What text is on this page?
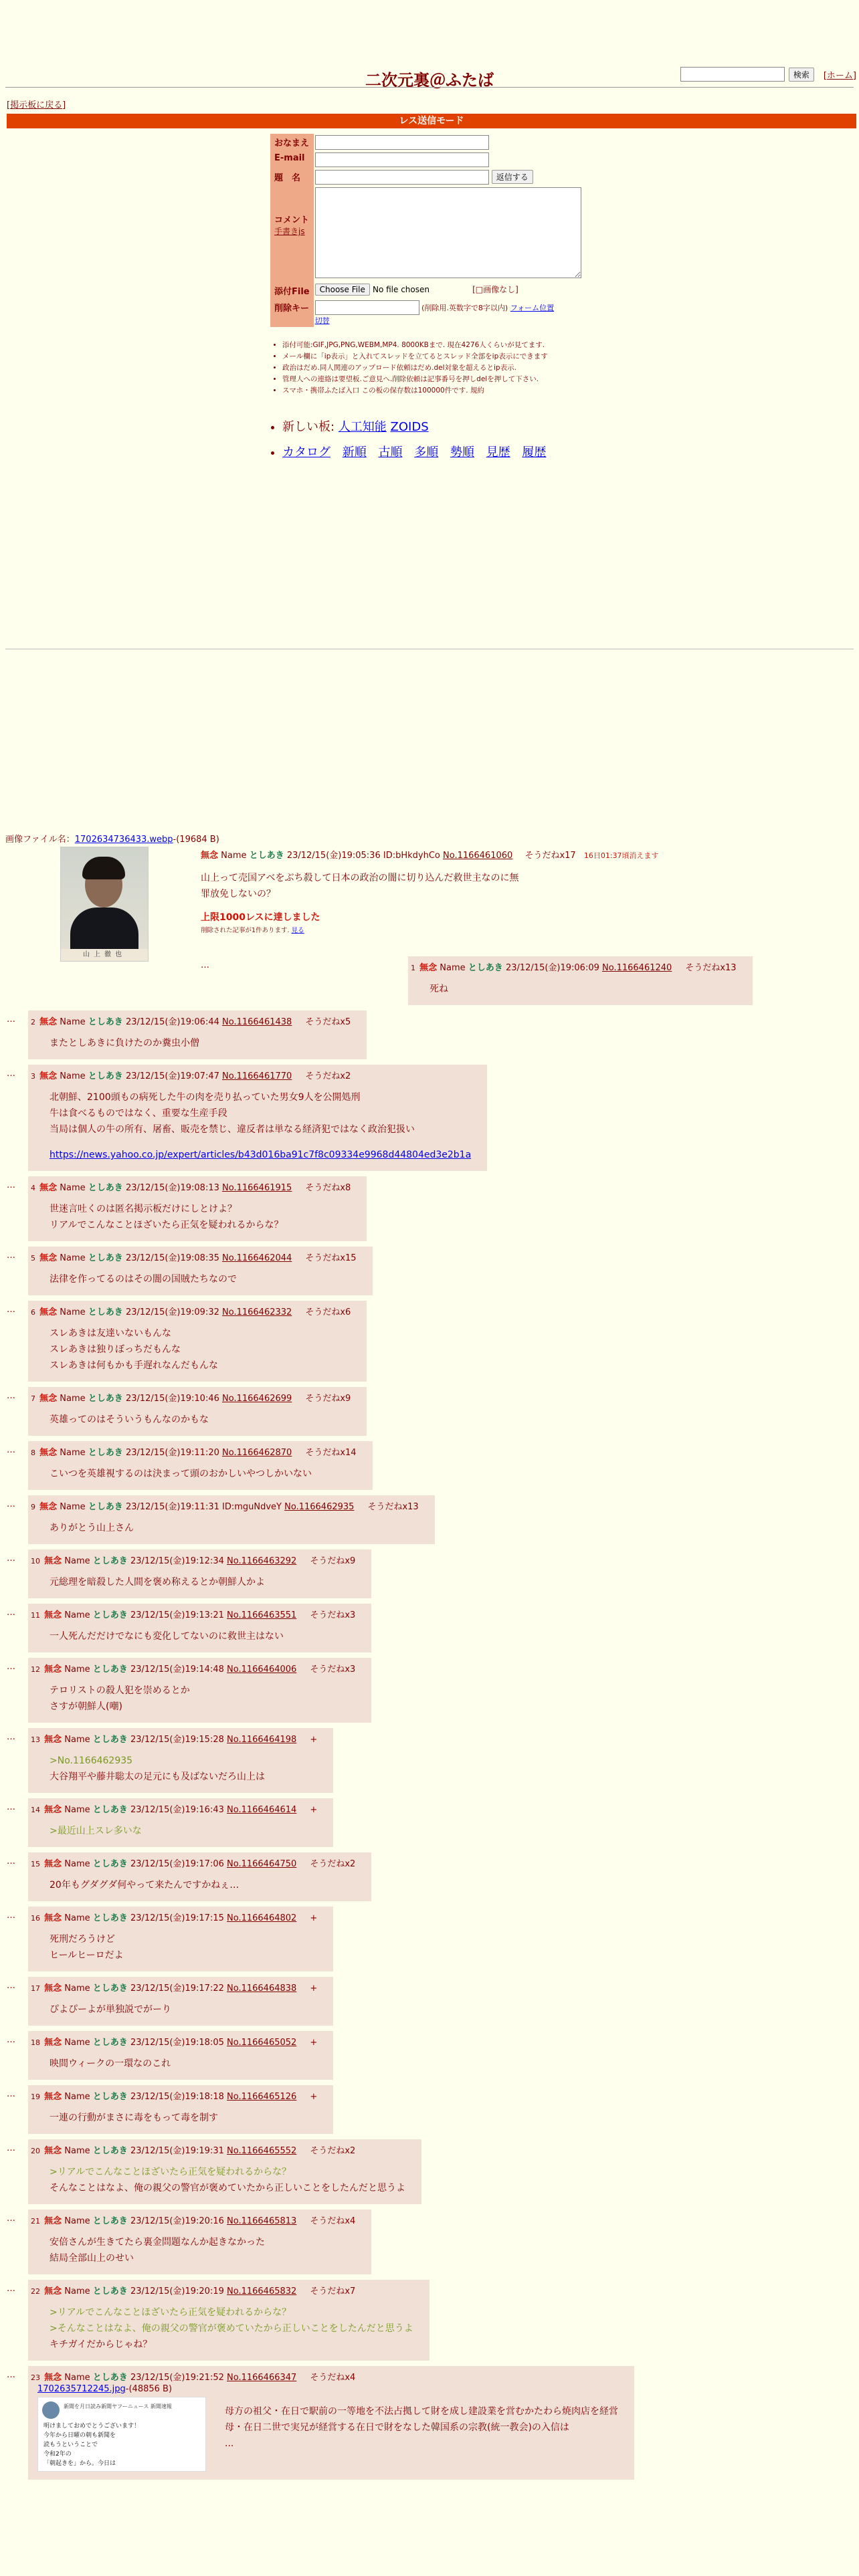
検索	[ホーム]
二次元裏＠ふたば
[掲示板に戻る]
レス送信モード
おなまえ	
E-mail	
題　名	返信する

コメント
手書きjs	
添付File	Choose File No file chosen [□画像なし]
削除キー	(削除用.英数字で8字以内) フォーム位置
切替
• 添付可能:GIF,JPG,PNG,WEBM,MP4. 8000KBまで. 現在4276人くらいが見てます.
• メール欄に「ip表示」と入れてスレッドを立てるとスレッド全部をip表示にできます
• 政治はだめ.同人関連のアップロード依頼はだめ.del対象を超えるとip表示.
• 管理人への連絡は要望板.ご意見へ.削除依頼は記事番号を押しdelを押して下さい.
• スマホ・携帯ふたば入口 この板の保存数は100000件です. 規約
• 新しい板: 人工知能 ZOIDS
• カタログ 新順 古順 多順 勢順 見歴 履歴
画像ファイル名：1702634736433.webp-(19684 B)
山上徹也
無念 Name としあき 23/12/15(金)19:05:36 ID:bHkdyhCo No.1166461060 そうだねx17 16日01:37頃消えます
山上って売国アベをぶち殺して日本の政治の闇に切り込んだ救世主なのに無
罪放免しないの？
上限1000レスに達しました
削除された記事が1件あります. 見る
…	1 無念 Name としあき 23/12/15(金)19:06:09 No.1166461240 そうだねx13
死ね
…	2 無念 Name としあき 23/12/15(金)19:06:44 No.1166461438 そうだねx5
またとしあきに負けたのか糞虫小僧
…	3 無念 Name としあき 23/12/15(金)19:07:47 No.1166461770 そうだねx2
北朝鮮、2100頭もの病死した牛の肉を売り払っていた男女9人を公開処刑
牛は食べるものではなく、重要な生産手段
当局は個人の牛の所有、屠畜、販売を禁じ、違反者は単なる経済犯ではなく政治犯扱い
https://news.yahoo.co.jp/expert/articles/b43d016ba91c7f8c09334e9968d44804ed3e2b1a
…	4 無念 Name としあき 23/12/15(金)19:08:13 No.1166461915 そうだねx8
世迷言吐くのは匿名掲示板だけにしとけよ？
リアルでこんなことほざいたら正気を疑われるからな？
…	5 無念 Name としあき 23/12/15(金)19:08:35 No.1166462044 そうだねx15
法律を作ってるのはその闇の国賊たちなので
…	6 無念 Name としあき 23/12/15(金)19:09:32 No.1166462332 そうだねx6
スレあきは友達いないもんな
スレあきは独りぼっちだもんな
スレあきは何もかも手遅れなんだもんな
…	7 無念 Name としあき 23/12/15(金)19:10:46 No.1166462699 そうだねx9
英雄ってのはそういうもんなのかもな
…	8 無念 Name としあき 23/12/15(金)19:11:20 No.1166462870 そうだねx14
こいつを英雄視するのは決まって頭のおかしいやつしかいない
…	9 無念 Name としあき 23/12/15(金)19:11:31 ID:mguNdveY No.1166462935 そうだねx13
ありがとう山上さん
…	10 無念 Name としあき 23/12/15(金)19:12:34 No.1166463292 そうだねx9
元総理を暗殺した人間を褒め称えるとか朝鮮人かよ
…	11 無念 Name としあき 23/12/15(金)19:13:21 No.1166463551 そうだねx3
一人死んだだけでなにも変化してないのに救世主はない
…	12 無念 Name としあき 23/12/15(金)19:14:48 No.1166464006 そうだねx3
テロリストの殺人犯を崇めるとか
さすが朝鮮人(嘲)
…	13 無念 Name としあき 23/12/15(金)19:15:28 No.1166464198 +
>No.1166462935
大谷翔平や藤井聡太の足元にも及ばないだろ山上は
…	14 無念 Name としあき 23/12/15(金)19:16:43 No.1166464614 +
>最近山上スレ多いな
…	15 無念 Name としあき 23/12/15(金)19:17:06 No.1166464750 そうだねx2
20年もグダグダ何やって来たんですかねぇ…
…	16 無念 Name としあき 23/12/15(金)19:17:15 No.1166464802 +
死刑だろうけど
ヒールヒーロだよ
…	17 無念 Name としあき 23/12/15(金)19:17:22 No.1166464838 +
ぴよぴーよが単独説でがーり
…	18 無念 Name としあき 23/12/15(金)19:18:05 No.1166465052 +
映間ウィークの一環なのこれ
…	19 無念 Name としあき 23/12/15(金)19:18:18 No.1166465126 +
一連の行動がまさに毒をもって毒を制す
…	20 無念 Name としあき 23/12/15(金)19:19:31 No.1166465552 そうだねx2
>リアルでこんなことほざいたら正気を疑われるからな？
そんなことはなよ、俺の親父の警官が褒めていたから正しいことをしたんだと思うよ
…	21 無念 Name としあき 23/12/15(金)19:20:16 No.1166465813 そうだねx4
安倍さんが生きてたら裏金問題なんか起きなかった
結局全部山上のせい
…	22 無念 Name としあき 23/12/15(金)19:20:19 No.1166465832 そうだねx7
>リアルでこんなことほざいたら正気を疑われるからな？
>そんなことはなよ、俺の親父の警官が褒めていたから正しいことをしたんだと思うよ
キチガイだからじゃね？
…	23 無念 Name としあき 23/12/15(金)19:21:52 No.1166466347 そうだねx4
1702635712245.jpg-(48856 B)
新聞を月日読み新聞ヤフーニュース 新聞速報
明けましておめでとうございます！
今年から日曜の朝も新聞を
読もうということで
令和2年の
「朝起きを」から。今日は
母方の祖父・在日で駅前の一等地を不法占拠して財を成し建設業を営むかたわら焼肉店を経営
母・在日二世で実兄が経営する在日で財をなした韓国系の宗教(統一教会)の入信は
...
